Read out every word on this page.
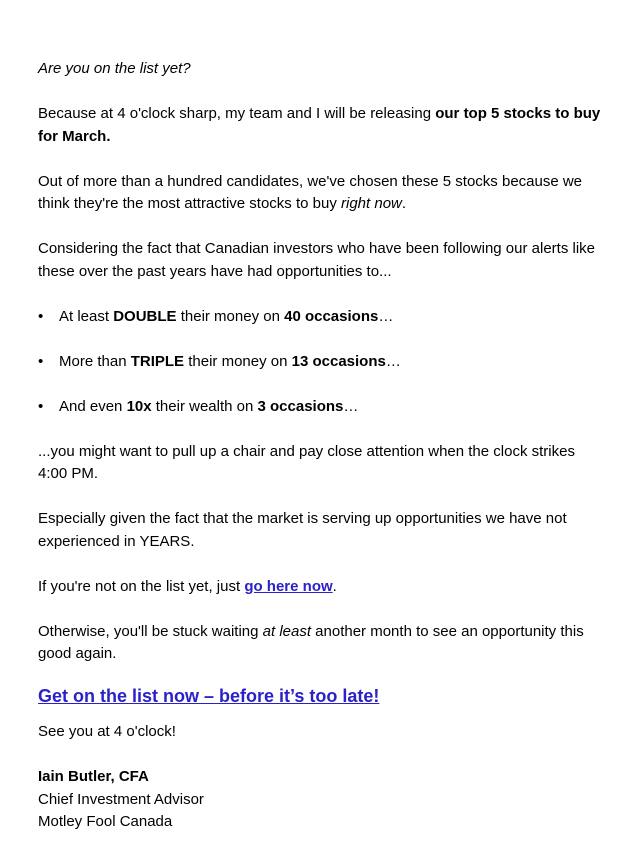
Are you on the list yet?

Because at 4 o'clock sharp, my team and I will be releasing our top 5 stocks to buy for March.

Out of more than a hundred candidates, we've chosen these 5 stocks because we think they're the most attractive stocks to buy right now.

Considering the fact that Canadian investors who have been following our alerts like these over the past years have had opportunities to...

• At least DOUBLE their money on 40 occasions…
• More than TRIPLE their money on 13 occasions…
• And even 10x their wealth on 3 occasions…

...you might want to pull up a chair and pay close attention when the clock strikes 4:00 PM.

Especially given the fact that the market is serving up opportunities we have not experienced in YEARS.

If you're not on the list yet, just go here now.

Otherwise, you'll be stuck waiting at least another month to see an opportunity this good again.

Get on the list now – before it’s too late!

See you at 4 o'clock!

Iain Butler, CFA

Chief Investment Advisor

Motley Fool Canada
